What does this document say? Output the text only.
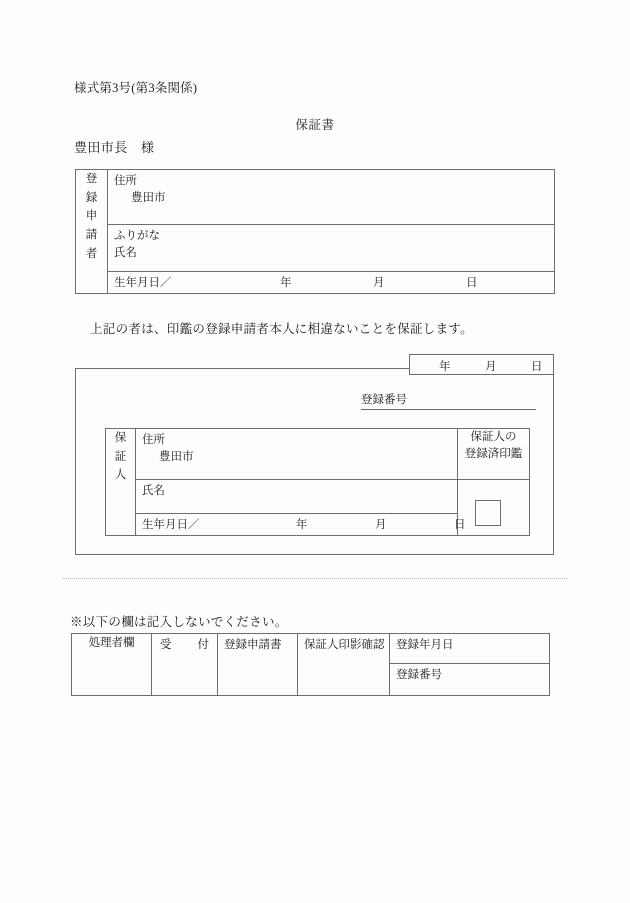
様式第3号(第3条関係)
保証書
豊田市長　様
登
録
申
請
者

住所
豊田市

ふりがな
氏名

生年月日／	年	月	日
上記の者は、印鑑の登録申請者本人に相違ないことを保証します。
年	月	日
登録番号
保
証
人

住所
豊田市

保証人の
登録済印鑑

	氏名	

	生年月日／ 年 月 日	
※以下の欄は記入しないでください。
処理者欄	受 付	登録申請書	保証人印影確認	登録年月日

登録番号
